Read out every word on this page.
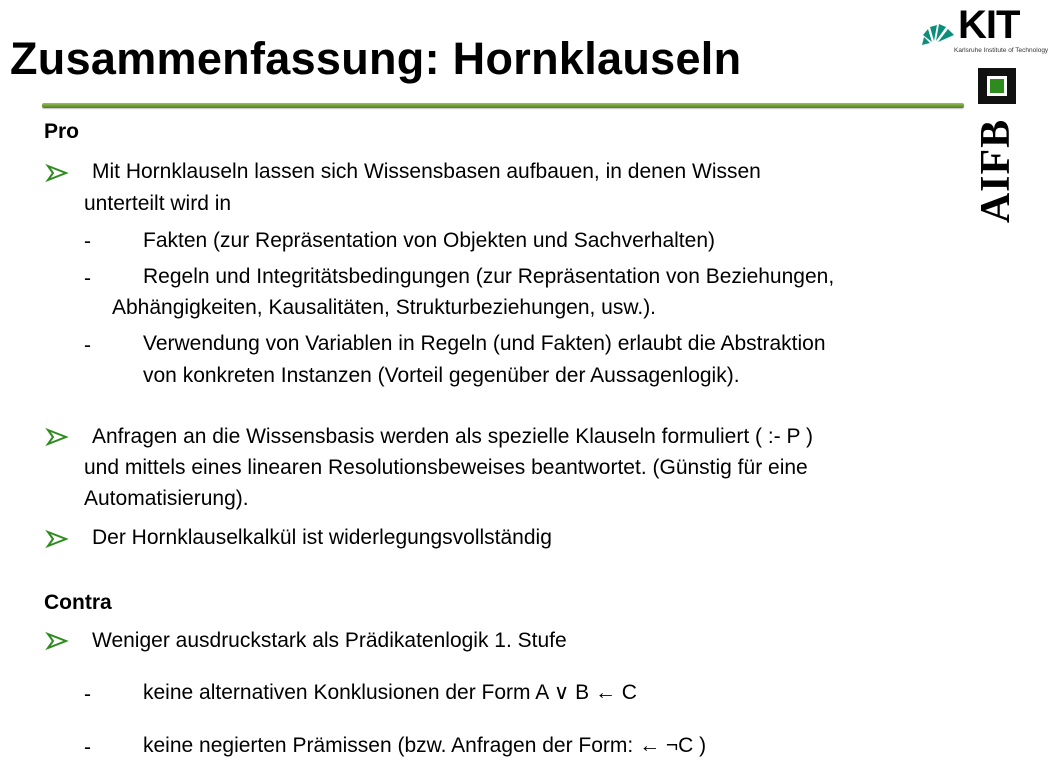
Zusammenfassung: Hornklauseln
KIT
Karlsruhe Institute of Technology
AIFB
Pro
Mit Hornklauseln lassen sich Wissensbasen aufbauen, in denen Wissen
unterteilt wird in
- Fakten (zur Repräsentation von Objekten und Sachverhalten)
- Regeln und Integritätsbedingungen (zur Repräsentation von Beziehungen,
Abhängigkeiten, Kausalitäten, Strukturbeziehungen, usw.).
- Verwendung von Variablen in Regeln (und Fakten) erlaubt die Abstraktion
von konkreten Instanzen (Vorteil gegenüber der Aussagenlogik).
Anfragen an die Wissensbasis werden als spezielle Klauseln formuliert ( :- P )
und mittels eines linearen Resolutionsbeweises beantwortet. (Günstig für eine
Automatisierung).
Der Hornklauselkalkül ist widerlegungsvollständig
Contra
Weniger ausdruckstark als Prädikatenlogik 1. Stufe
- keine alternativen Konklusionen der Form A ∨ B ← C
- keine negierten Prämissen (bzw. Anfragen der Form: ← ¬C )
